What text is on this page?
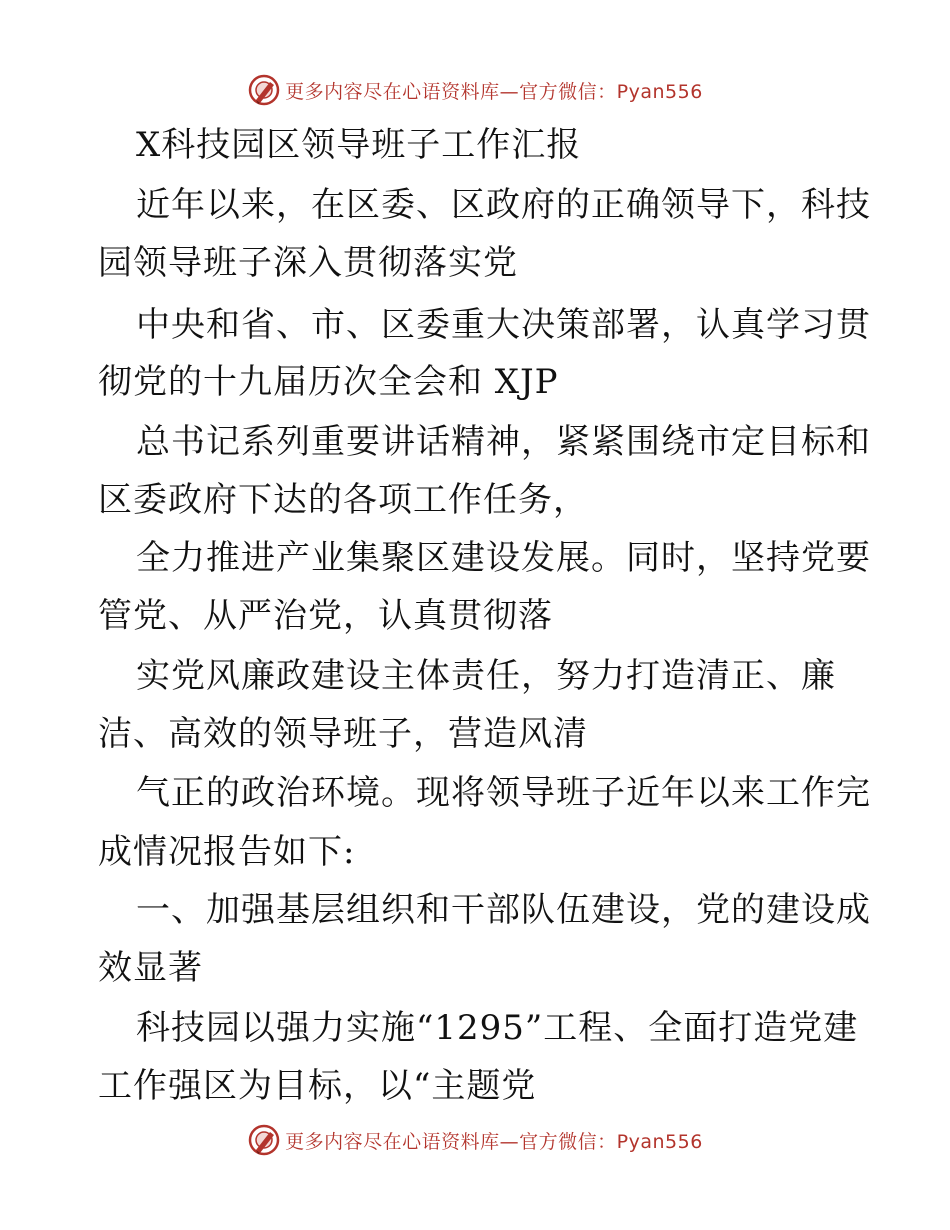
更多内容尽在心语资料库—官方微信：Pyan556
X科技园区领导班子工作汇报
近年以来，在区委、区政府的正确领导下，科技
园领导班子深入贯彻落实党
中央和省、市、区委重大决策部署，认真学习贯
彻党的十九届历次全会和 XJP
总书记系列重要讲话精神，紧紧围绕市定目标和
区委政府下达的各项工作任务，
全力推进产业集聚区建设发展。同时，坚持党要
管党、从严治党，认真贯彻落
实党风廉政建设主体责任，努力打造清正、廉
洁、高效的领导班子，营造风清
气正的政治环境。现将领导班子近年以来工作完
成情况报告如下:
一、加强基层组织和干部队伍建设，党的建设成
效显著
科技园以强力实施“1295”工程、全面打造党建
工作强区为目标，以“主题党
更多内容尽在心语资料库—官方微信：Pyan556
